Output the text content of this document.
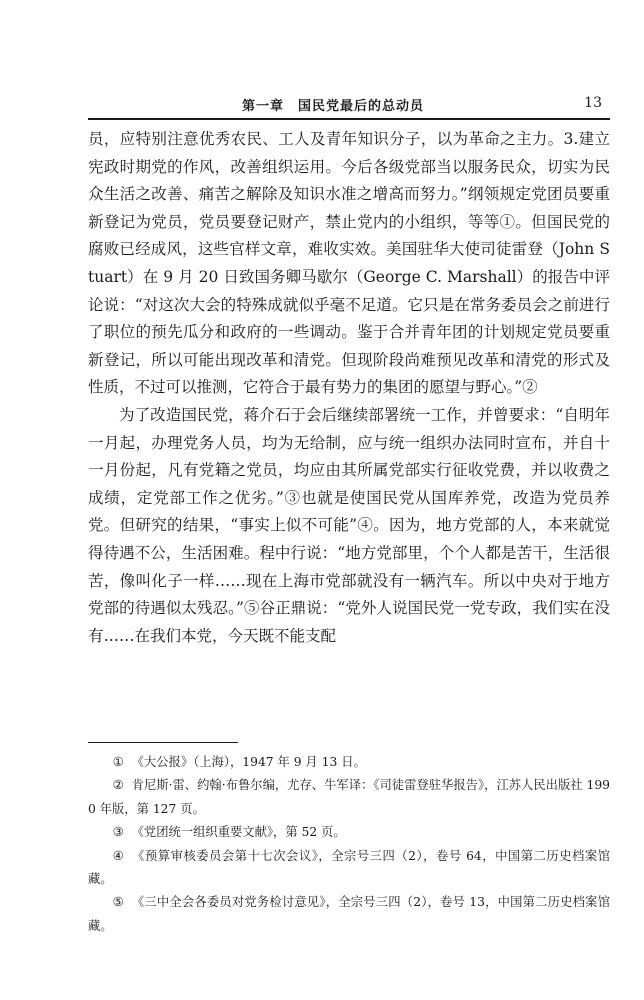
第一章　国民党最后的总动员	13

员，应特别注意优秀农民、工人及青年知识分子，以为革命之主力。3.建立宪政时期党的作风，改善组织运用。今后各级党部当以服务民众，切实为民众生活之改善、痛苦之解除及知识水准之增高而努力。”纲领规定党团员要重新登记为党员，党员要登记财产，禁止党内的小组织，等等①。但国民党的腐败已经成风，这些官样文章，难收实效。美国驻华大使司徒雷登（John Stuart）在 9 月 20 日致国务卿马歇尔（George C. Marshall）的报告中评论说：“对这次大会的特殊成就似乎毫不足道。它只是在常务委员会之前进行了职位的预先瓜分和政府的一些调动。鉴于合并青年团的计划规定党员要重新登记，所以可能出现改革和清党。但现阶段尚难预见改革和清党的形式及性质，不过可以推测，它符合于最有势力的集团的愿望与野心。”②

为了改造国民党，蒋介石于会后继续部署统一工作，并曾要求：“自明年一月起，办理党务人员，均为无给制，应与统一组织办法同时宣布，并自十一月份起，凡有党籍之党员，均应由其所属党部实行征收党费，并以收费之成绩，定党部工作之优劣。”③也就是使国民党从国库养党，改造为党员养党。但研究的结果，“事实上似不可能”④。因为，地方党部的人，本来就觉得待遇不公，生活困难。程中行说：“地方党部里，个个人都是苦干，生活很苦，像叫化子一样……现在上海市党部就没有一辆汽车。所以中央对于地方党部的待遇似太残忍。”⑤谷正鼎说：“党外人说国民党一党专政，我们实在没有……在我们本党，今天既不能支配

① 《大公报》（上海），1947 年 9 月 13 日。
② 肯尼斯·雷、约翰·布鲁尔编，尤存、牛军译：《司徒雷登驻华报告》，江苏人民出版社 1990 年版，第 127 页。
③ 《党团统一组织重要文献》，第 52 页。
④ 《预算审核委员会第十七次会议》，全宗号三四（2），卷号 64，中国第二历史档案馆藏。
⑤ 《三中全会各委员对党务检讨意见》，全宗号三四（2），卷号 13，中国第二历史档案馆藏。
